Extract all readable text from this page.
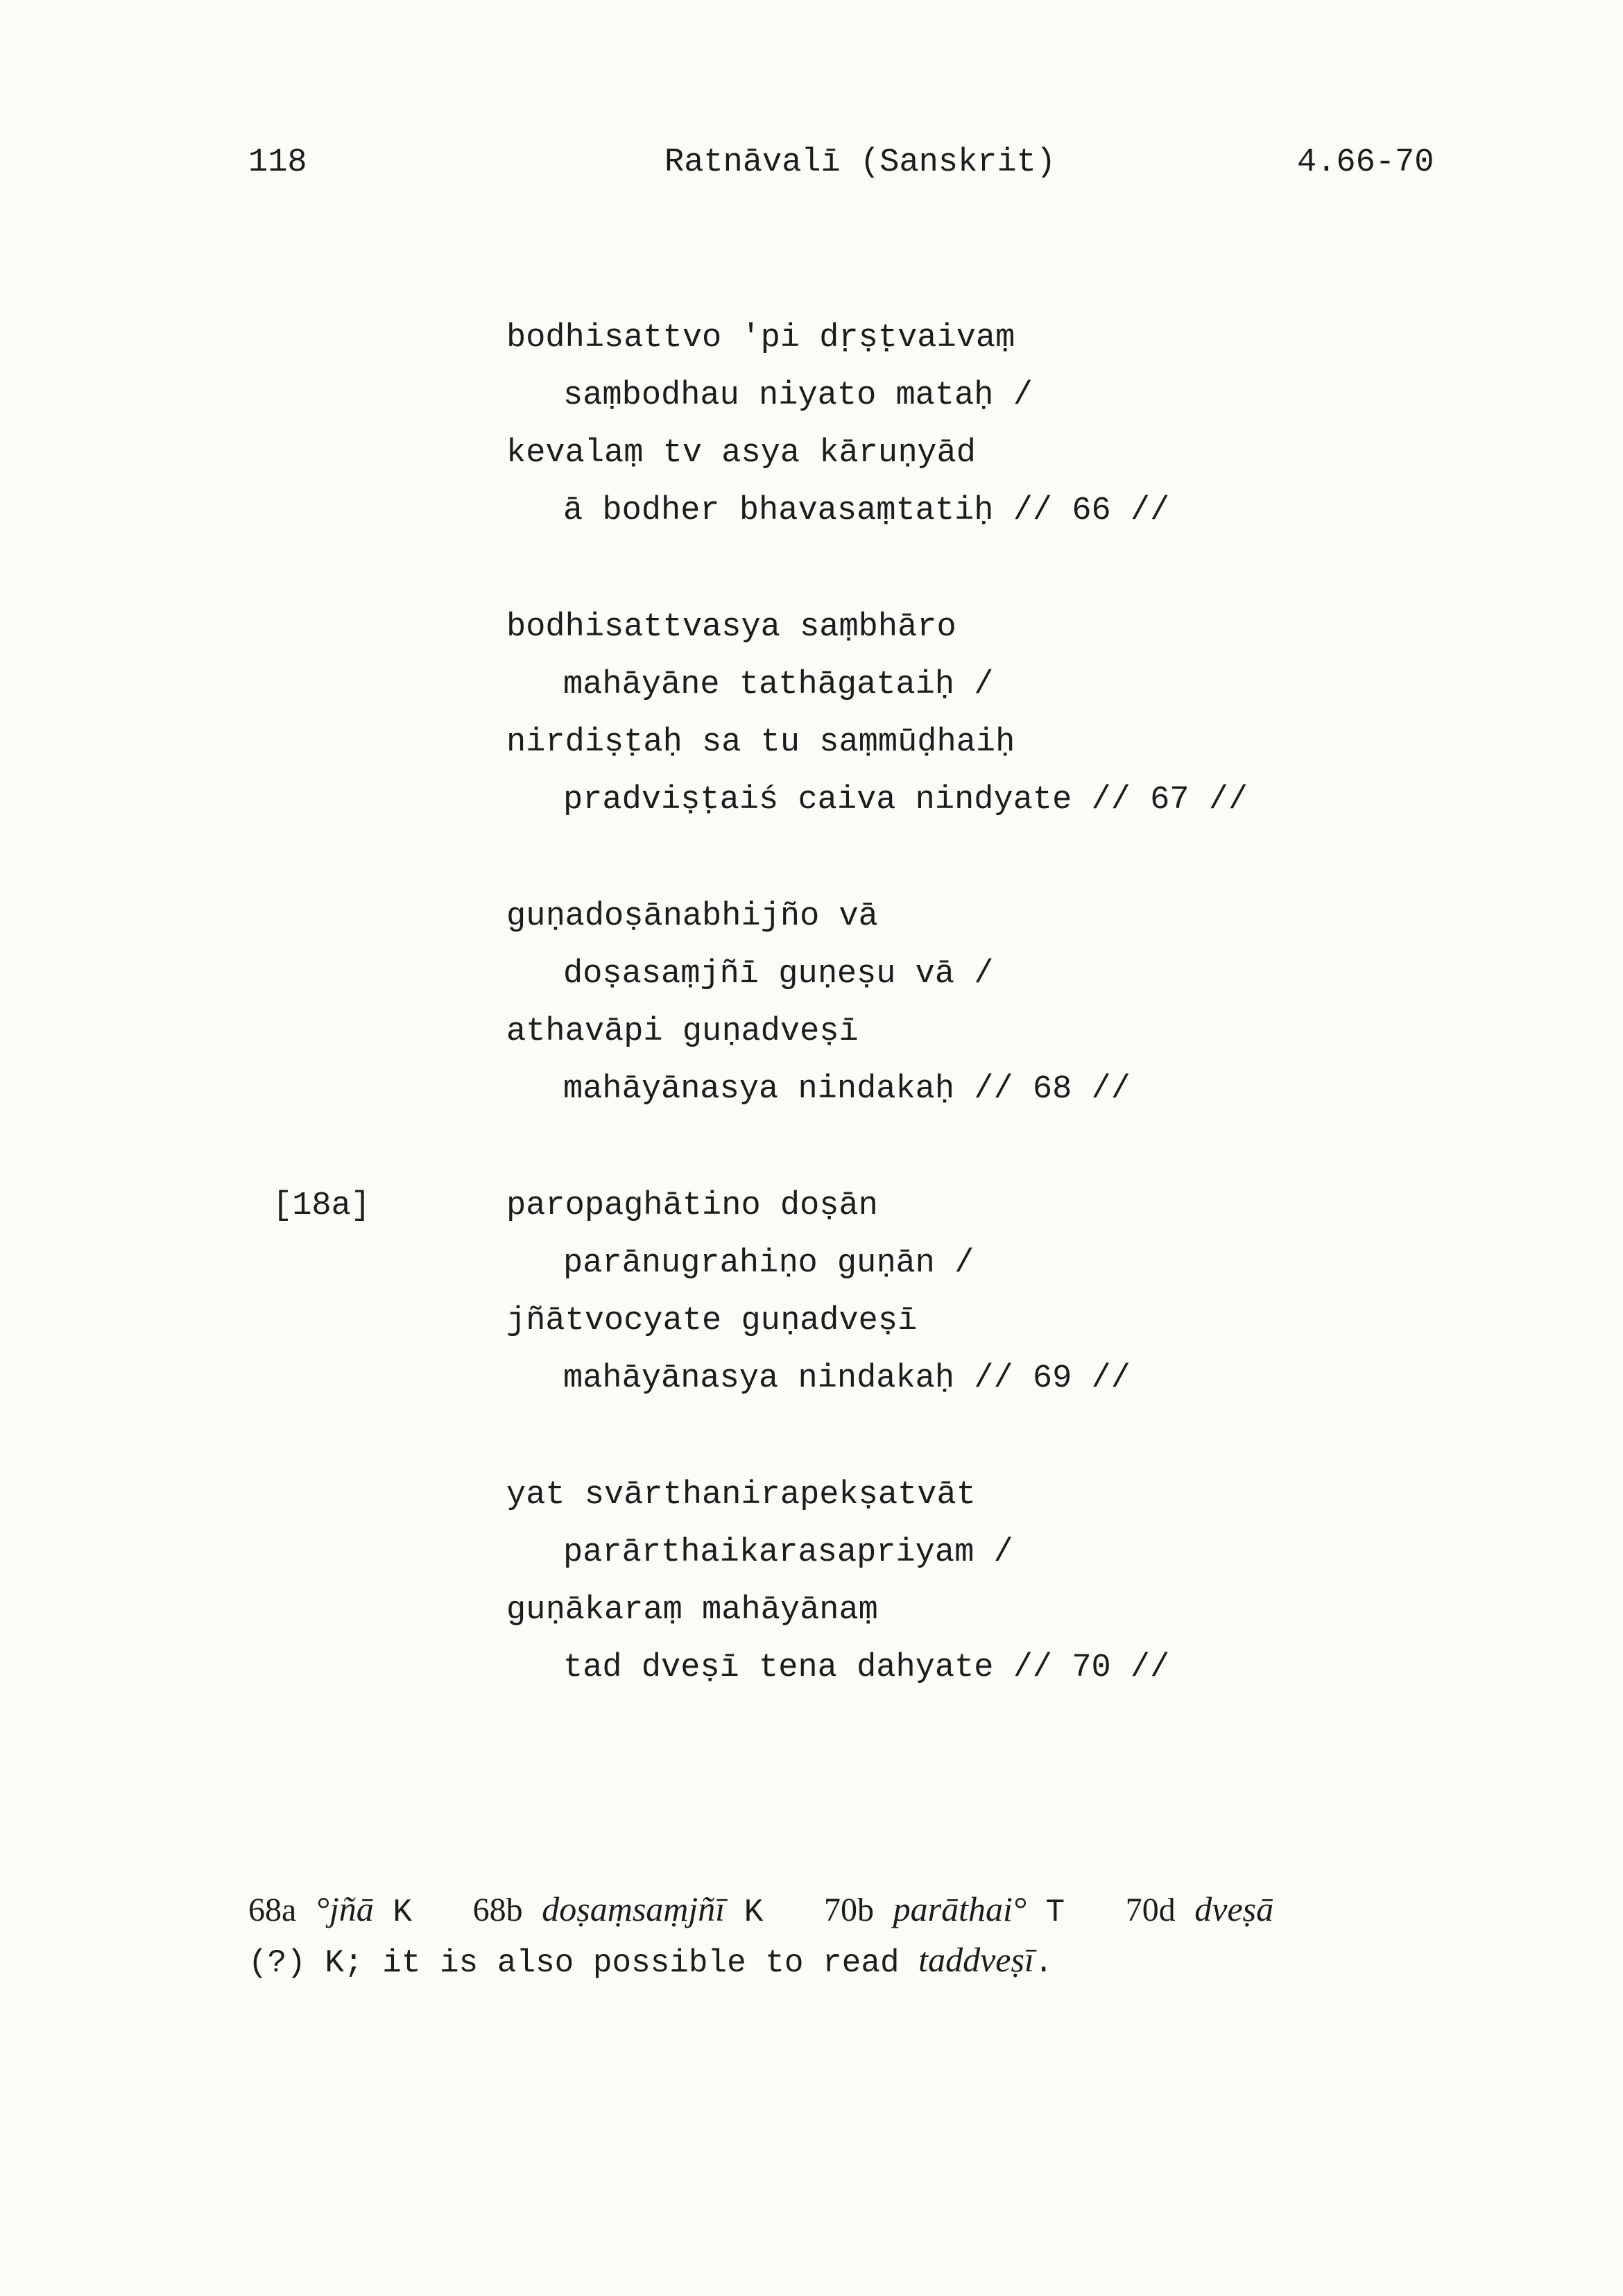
118	Ratnāvalī (Sanskrit)	4.66-70
bodhisattvo 'pi dṛṣṭvaivaṃ
saṃbodhau niyato mataḥ /
kevalaṃ tv asya kāruṇyād
ā bodher bhavasaṃtatiḥ // 66 //
bodhisattvasya saṃbhāro
mahāyāne tathāgataiḥ /
nirdiṣṭaḥ sa tu saṃmūḍhaiḥ
pradviṣṭaiś caiva nindyate // 67 //
guṇadoṣānabhijño vā
doṣasaṃjñī guṇeṣu vā /
athavāpi guṇadveṣī
mahāyānasya nindakaḥ // 68 //
[18a]	paropaghātino doṣān
parānugrahiṇo guṇān /
jñātvocyate guṇadveṣī
mahāyānasya nindakaḥ // 69 //
yat svārthanirapekṣatvāt
parārthaikarasapriyam /
guṇākaraṃ mahāyānaṃ
tad dveṣī tena dahyate // 70 //
68a °jñā K 68b doṣaṃsaṃjñī K 70b parāthai° T 70d dveṣā
(?) K; it is also possible to read taddveṣī.
